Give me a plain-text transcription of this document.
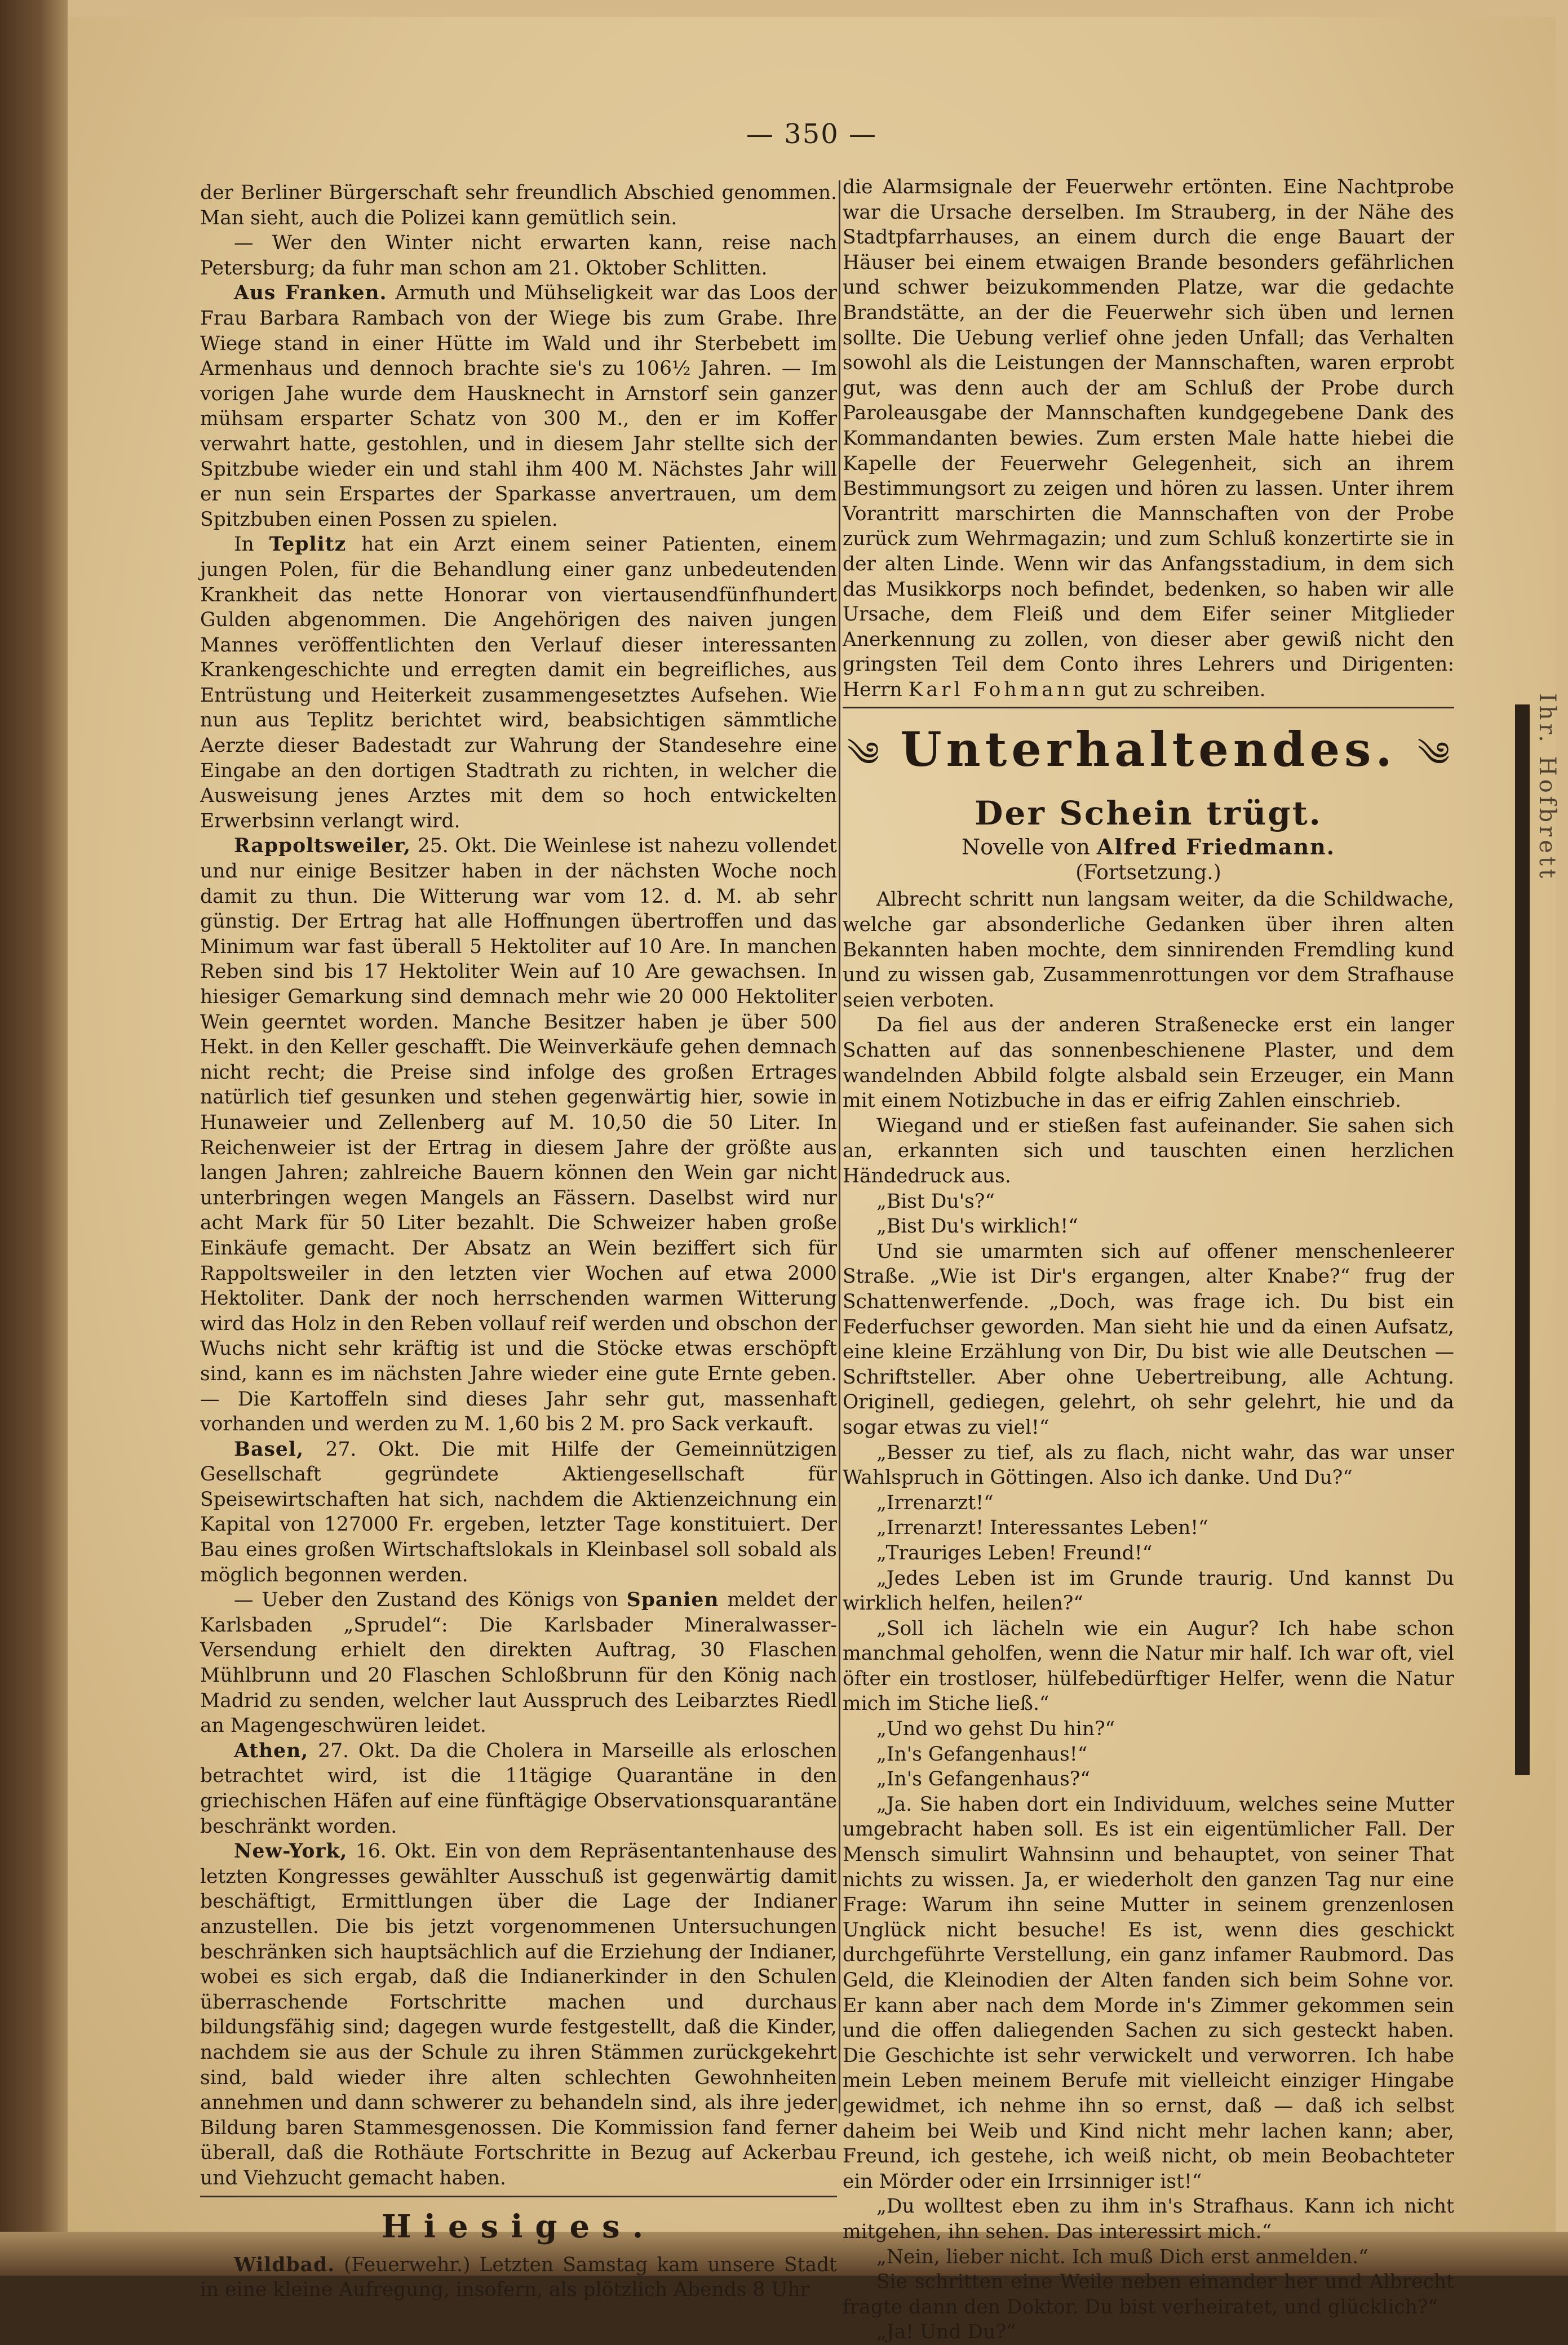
— 350 —

der Berliner Bürgerschaft sehr freundlich Abschied genommen. Man sieht, auch die Polizei kann gemütlich sein.

— Wer den Winter nicht erwarten kann, reise nach Petersburg; da fuhr man schon am 21. Oktober Schlitten.

Aus Franken. Armuth und Mühseligkeit war das Loos der Frau Barbara Rambach von der Wiege bis zum Grabe. Ihre Wiege stand in einer Hütte im Wald und ihr Sterbebett im Armenhaus und dennoch brachte sie's zu 106½ Jahren. — Im vorigen Jahe wurde dem Hausknecht in Arnstorf sein ganzer mühsam ersparter Schatz von 300 M., den er im Koffer verwahrt hatte, gestohlen, und in diesem Jahr stellte sich der Spitzbube wieder ein und stahl ihm 400 M. Nächstes Jahr will er nun sein Erspartes der Sparkasse anvertrauen, um dem Spitzbuben einen Possen zu spielen.

In Teplitz hat ein Arzt einem seiner Patienten, einem jungen Polen, für die Behandlung einer ganz unbedeutenden Krankheit das nette Honorar von viertausendfünfhundert Gulden abgenommen. Die Angehörigen des naiven jungen Mannes veröffentlichten den Verlauf dieser interessanten Krankengeschichte und erregten damit ein begreifliches, aus Entrüstung und Heiterkeit zusammengesetztes Aufsehen. Wie nun aus Teplitz berichtet wird, beabsichtigen sämmtliche Aerzte dieser Badestadt zur Wahrung der Standesehre eine Eingabe an den dortigen Stadtrath zu richten, in welcher die Ausweisung jenes Arztes mit dem so hoch entwickelten Erwerbsinn verlangt wird.

Rappoltsweiler, 25. Okt. Die Weinlese ist nahezu vollendet und nur einige Besitzer haben in der nächsten Woche noch damit zu thun. Die Witterung war vom 12. d. M. ab sehr günstig. Der Ertrag hat alle Hoffnungen übertroffen und das Minimum war fast überall 5 Hektoliter auf 10 Are. In manchen Reben sind bis 17 Hektoliter Wein auf 10 Are gewachsen. In hiesiger Gemarkung sind demnach mehr wie 20 000 Hektoliter Wein geerntet worden. Manche Besitzer haben je über 500 Hekt. in den Keller geschafft. Die Weinverkäufe gehen demnach nicht recht; die Preise sind infolge des großen Ertrages natürlich tief gesunken und stehen gegenwärtig hier, sowie in Hunaweier und Zellenberg auf M. 10,50 die 50 Liter. In Reichenweier ist der Ertrag in diesem Jahre der größte aus langen Jahren; zahlreiche Bauern können den Wein gar nicht unterbringen wegen Mangels an Fässern. Daselbst wird nur acht Mark für 50 Liter bezahlt. Die Schweizer haben große Einkäufe gemacht. Der Absatz an Wein beziffert sich für Rappoltsweiler in den letzten vier Wochen auf etwa 2000 Hektoliter. Dank der noch herrschenden warmen Witterung wird das Holz in den Reben vollauf reif werden und obschon der Wuchs nicht sehr kräftig ist und die Stöcke etwas erschöpft sind, kann es im nächsten Jahre wieder eine gute Ernte geben. — Die Kartoffeln sind dieses Jahr sehr gut, massenhaft vorhanden und werden zu M. 1,60 bis 2 M. pro Sack verkauft.

Basel, 27. Okt. Die mit Hilfe der Gemeinnützigen Gesellschaft gegründete Aktiengesellschaft für Speisewirtschaften hat sich, nachdem die Aktienzeichnung ein Kapital von 127000 Fr. ergeben, letzter Tage konstituiert. Der Bau eines großen Wirtschaftslokals in Kleinbasel soll sobald als möglich begonnen werden.

— Ueber den Zustand des Königs von Spanien meldet der Karlsbaden „Sprudel“: Die Karlsbader Mineralwasser-Versendung erhielt den direkten Auftrag, 30 Flaschen Mühlbrunn und 20 Flaschen Schloßbrunn für den König nach Madrid zu senden, welcher laut Ausspruch des Leibarztes Riedl an Magengeschwüren leidet.

Athen, 27. Okt. Da die Cholera in Marseille als erloschen betrachtet wird, ist die 11tägige Quarantäne in den griechischen Häfen auf eine fünftägige Observationsquarantäne beschränkt worden.

New-York, 16. Okt. Ein von dem Repräsentantenhause des letzten Kongresses gewählter Ausschuß ist gegenwärtig damit beschäftigt, Ermittlungen über die Lage der Indianer anzustellen. Die bis jetzt vorgenommenen Untersuchungen beschränken sich hauptsächlich auf die Erziehung der Indianer, wobei es sich ergab, daß die Indianerkinder in den Schulen überraschende Fortschritte machen und durchaus bildungsfähig sind; dagegen wurde festgestellt, daß die Kinder, nachdem sie aus der Schule zu ihren Stämmen zurückgekehrt sind, bald wieder ihre alten schlechten Gewohnheiten annehmen und dann schwerer zu behandeln sind, als ihre jeder Bildung baren Stammesgenossen. Die Kommission fand ferner überall, daß die Rothäute Fortschritte in Bezug auf Ackerbau und Viehzucht gemacht haben.

Hiesiges.

Wildbad. (Feuerwehr.) Letzten Samstag kam unsere Stadt in eine kleine Aufregung, insofern, als plötzlich Abends 8 Uhr

die Alarmsignale der Feuerwehr ertönten. Eine Nachtprobe war die Ursache derselben. Im Strauberg, in der Nähe des Stadtpfarrhauses, an einem durch die enge Bauart der Häuser bei einem etwaigen Brande besonders gefährlichen und schwer beizukommenden Platze, war die gedachte Brandstätte, an der die Feuerwehr sich üben und lernen sollte. Die Uebung verlief ohne jeden Unfall; das Verhalten sowohl als die Leistungen der Mannschaften, waren erprobt gut, was denn auch der am Schluß der Probe durch Paroleausgabe der Mannschaften kundgegebene Dank des Kommandanten bewies. Zum ersten Male hatte hiebei die Kapelle der Feuerwehr Gelegenheit, sich an ihrem Bestimmungsort zu zeigen und hören zu lassen. Unter ihrem Vorantritt marschirten die Mannschaften von der Probe zurück zum Wehrmagazin; und zum Schluß konzertirte sie in der alten Linde. Wenn wir das Anfangsstadium, in dem sich das Musikkorps noch befindet, bedenken, so haben wir alle Ursache, dem Fleiß und dem Eifer seiner Mitglieder Anerkennung zu zollen, von dieser aber gewiß nicht den gringsten Teil dem Conto ihres Lehrers und Dirigenten: Herrn Karl Fohmann gut zu schreiben.

༄ Unterhaltendes. ༄
Der Schein trügt.
Novelle von Alfred Friedmann.
(Fortsetzung.)

Albrecht schritt nun langsam weiter, da die Schildwache, welche gar absonderliche Gedanken über ihren alten Bekannten haben mochte, dem sinnirenden Fremdling kund und zu wissen gab, Zusammenrottungen vor dem Strafhause seien verboten.

Da fiel aus der anderen Straßenecke erst ein langer Schatten auf das sonnenbeschienene Plaster, und dem wandelnden Abbild folgte alsbald sein Erzeuger, ein Mann mit einem Notizbuche in das er eifrig Zahlen einschrieb.

Wiegand und er stießen fast aufeinander. Sie sahen sich an, erkannten sich und tauschten einen herzlichen Händedruck aus.

„Bist Du's?“

„Bist Du's wirklich!“

Und sie umarmten sich auf offener menschenleerer Straße. „Wie ist Dir's ergangen, alter Knabe?“ frug der Schattenwerfende. „Doch, was frage ich. Du bist ein Federfuchser geworden. Man sieht hie und da einen Aufsatz, eine kleine Erzählung von Dir, Du bist wie alle Deutschen — Schriftsteller. Aber ohne Uebertreibung, alle Achtung. Originell, gediegen, gelehrt, oh sehr gelehrt, hie und da sogar etwas zu viel!“

„Besser zu tief, als zu flach, nicht wahr, das war unser Wahlspruch in Göttingen. Also ich danke. Und Du?“

„Irrenarzt!“

„Irrenarzt! Interessantes Leben!“

„Trauriges Leben! Freund!“

„Jedes Leben ist im Grunde traurig. Und kannst Du wirklich helfen, heilen?“

„Soll ich lächeln wie ein Augur? Ich habe schon manchmal geholfen, wenn die Natur mir half. Ich war oft, viel öfter ein trostloser, hülfebedürftiger Helfer, wenn die Natur mich im Stiche ließ.“

„Und wo gehst Du hin?“

„In's Gefangenhaus!“

„In's Gefangenhaus?“

„Ja. Sie haben dort ein Individuum, welches seine Mutter umgebracht haben soll. Es ist ein eigentümlicher Fall. Der Mensch simulirt Wahnsinn und behauptet, von seiner That nichts zu wissen. Ja, er wiederholt den ganzen Tag nur eine Frage: Warum ihn seine Mutter in seinem grenzenlosen Unglück nicht besuche! Es ist, wenn dies geschickt durchgeführte Verstellung, ein ganz infamer Raubmord. Das Geld, die Kleinodien der Alten fanden sich beim Sohne vor. Er kann aber nach dem Morde in's Zimmer gekommen sein und die offen daliegenden Sachen zu sich gesteckt haben. Die Geschichte ist sehr verwickelt und verworren. Ich habe mein Leben meinem Berufe mit vielleicht einziger Hingabe gewidmet, ich nehme ihn so ernst, daß — daß ich selbst daheim bei Weib und Kind nicht mehr lachen kann; aber, Freund, ich gestehe, ich weiß nicht, ob mein Beobachteter ein Mörder oder ein Irrsinniger ist!“

„Du wolltest eben zu ihm in's Strafhaus. Kann ich nicht mitgehen, ihn sehen. Das interessirt mich.“

„Nein, lieber nicht. Ich muß Dich erst anmelden.“

Sie schritten eine Weile neben einander her und Albrecht fragte dann den Doktor. Du bist verheiratet, und glücklich?“

„Ja! Und Du?“

Ihr. Hofbrett
